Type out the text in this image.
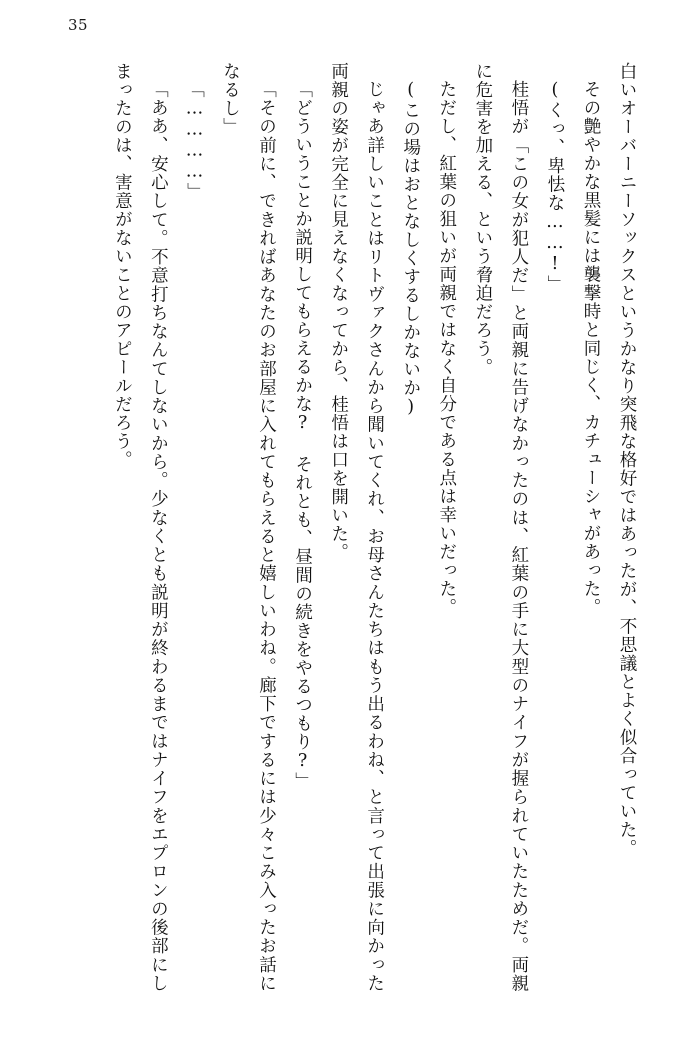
35

白いオーバーニーソックスというかなり突飛な格好ではあったが、不思議とよく似合っていた。

その艶やかな黒髪には襲撃時と同じく、カチューシャがあった。

(くっ、卑怯な……!」

桂悟が「この女が犯人だ」と両親に告げなかったのは、紅葉の手に大型のナイフが握られていたためだ。両親に危害を加える、という脅迫だろう。

ただし、紅葉の狙いが両親ではなく自分である点は幸いだった。

(この場はおとなしくするしかないか)

じゃあ詳しいことはリトヴァクさんから聞いてくれ、お母さんたちはもう出るわね、と言って出張に向かった両親の姿が完全に見えなくなってから、桂悟は口を開いた。

「どういうことか説明してもらえるかな? それとも、昼間の続きをやるつもり?」

「その前に、できればあなたのお部屋に入れてもらえると嬉しいわね。廊下でするには少々こみ入ったお話になるし」

「…………」

「ああ、安心して。不意打ちなんてしないから。少なくとも説明が終わるまではナイフをエプロンの後部にしまったのは、害意がないことのアピールだろう。
